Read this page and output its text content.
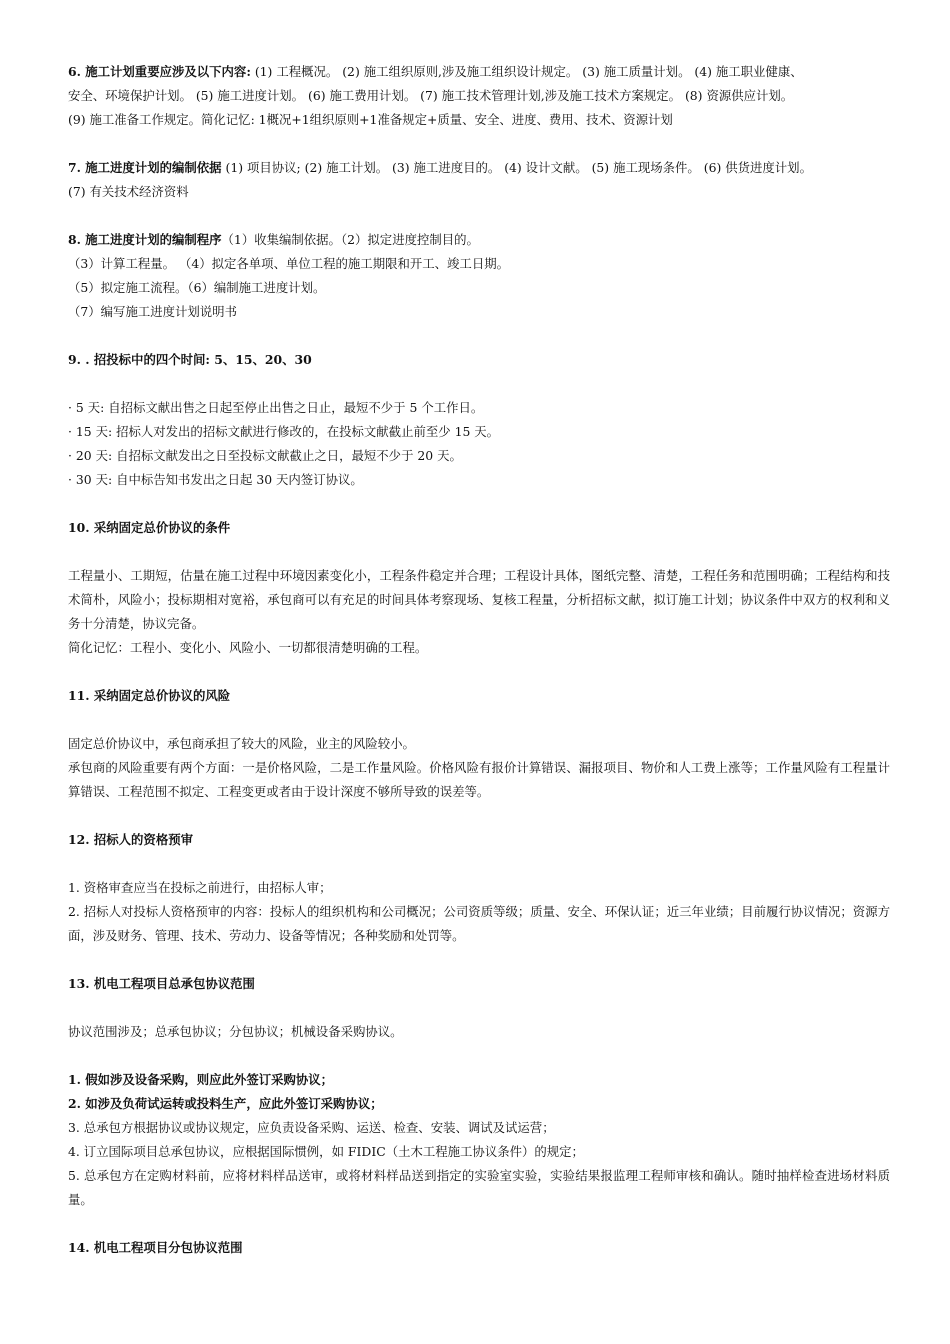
6. 施工计划重要应涉及以下内容: (1) 工程概况。 (2) 施工组织原则,涉及施工组织设计规定。 (3) 施工质量计划。 (4) 施工职业健康、
安全、环境保护计划。 (5) 施工进度计划。 (6) 施工费用计划。 (7) 施工技术管理计划,涉及施工技术方案规定。 (8) 资源供应计划。
(9) 施工准备工作规定。简化记忆: 1概况+1组织原则+1准备规定+质量、安全、进度、费用、技术、资源计划
7. 施工进度计划的编制依据 (1) 项目协议; (2) 施工计划。 (3) 施工进度目的。 (4) 设计文献。 (5) 施工现场条件。 (6) 供货进度计划。
(7) 有关技术经济资料
8. 施工进度计划的编制程序（1）收集编制依据。（2）拟定进度控制目的。
（3）计算工程量。 （4）拟定各单项、单位工程的施工期限和开工、竣工日期。
（5）拟定施工流程。（6）编制施工进度计划。
（7）编写施工进度计划说明书
9. . 招投标中的四个时间: 5、15、20、30
· 5 天: 自招标文献出售之日起至停止出售之日止，最短不少于 5 个工作日。
· 15 天: 招标人对发出的招标文献进行修改的，在投标文献截止前至少 15 天。
· 20 天: 自招标文献发出之日至投标文献截止之日，最短不少于 20 天。
· 30 天: 自中标告知书发出之日起 30 天内签订协议。
10. 采纳固定总价协议的条件
工程量小、工期短，估量在施工过程中环境因素变化小，工程条件稳定并合理；工程设计具体，图纸完整、清楚，工程任务和范围明确；工程结构和技术简朴，风险小；投标期相对宽裕，承包商可以有充足的时间具体考察现场、复核工程量，分析招标文献，拟订施工计划；协议条件中双方的权利和义务十分清楚，协议完备。
简化记忆：工程小、变化小、风险小、一切都很清楚明确的工程。
11. 采纳固定总价协议的风险
固定总价协议中，承包商承担了较大的风险，业主的风险较小。
承包商的风险重要有两个方面：一是价格风险，二是工作量风险。价格风险有报价计算错误、漏报项目、物价和人工费上涨等；工作量风险有工程量计算错误、工程范围不拟定、工程变更或者由于设计深度不够所导致的误差等。
12. 招标人的资格预审
1. 资格审查应当在投标之前进行，由招标人审；
2. 招标人对投标人资格预审的内容：投标人的组织机构和公司概况；公司资质等级；质量、安全、环保认证；近三年业绩；目前履行协议情况；资源方面，涉及财务、管理、技术、劳动力、设备等情况；各种奖励和处罚等。
13. 机电工程项目总承包协议范围
协议范围涉及；总承包协议；分包协议；机械设备采购协议。
1. 假如涉及设备采购，则应此外签订采购协议；
2. 如涉及负荷试运转或投料生产，应此外签订采购协议；
3. 总承包方根据协议或协议规定，应负责设备采购、运送、检查、安装、调试及试运营；
4. 订立国际项目总承包协议，应根据国际惯例，如 FIDIC（土木工程施工协议条件）的规定；
5. 总承包方在定购材料前，应将材料样品送审，或将材料样品送到指定的实验室实验，实验结果报监理工程师审核和确认。随时抽样检查进场材料质量。
14. 机电工程项目分包协议范围
